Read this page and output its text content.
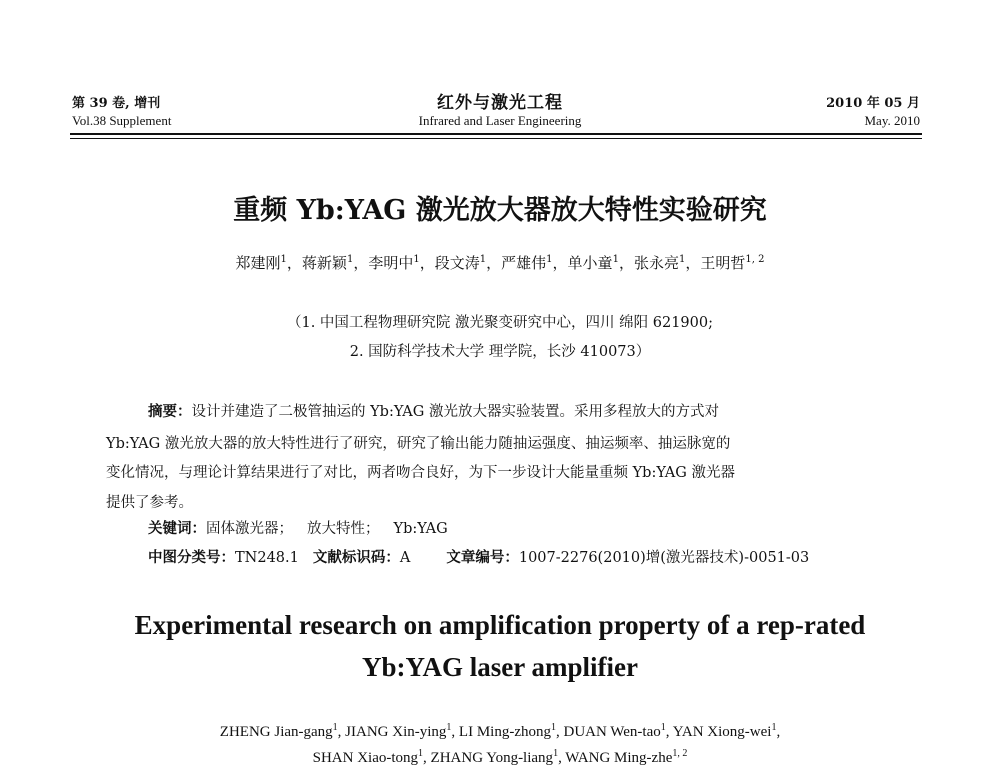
第 39 卷, 增刊
Vol.38 Supplement
红外与激光工程
Infrared and Laser Engineering
2010 年 05 月
May. 2010
重频 Yb:YAG 激光放大器放大特性实验研究
郑建刚$^1$，蒋新颖$^1$，李明中$^1$，段文涛$^1$，严雄伟$^1$，单小童$^1$，张永亮$^1$，王明哲$^{1, 2}$
（1. 中国工程物理研究院 激光聚变研究中心，四川 绵阳 621900;
2. 国防科学技术大学 理学院，长沙 410073）
摘要：设计并建造了二极管抽运的 Yb:YAG 激光放大器实验装置。采用多程放大的方式对
Yb:YAG 激光放大器的放大特性进行了研究，研究了输出能力随抽运强度、抽运频率、抽运脉宽的
变化情况，与理论计算结果进行了对比，两者吻合良好，为下一步设计大能量重频 Yb:YAG 激光器
提供了参考。
关键词：固体激光器； 放大特性； Yb:YAG
中图分类号：TN248.1 文献标识码：A 文章编号：1007-2276(2010)增(激光器技术)-0051-03
Experimental research on amplification property of a rep-rated
Yb:YAG laser amplifier
ZHENG Jian-gang$^1$, JIANG Xin-ying$^1$, LI Ming-zhong$^1$, DUAN Wen-tao$^1$, YAN Xiong-wei$^1$,
SHAN Xiao-tong$^1$, ZHANG Yong-liang$^1$, WANG Ming-zhe$^{1, 2}$
